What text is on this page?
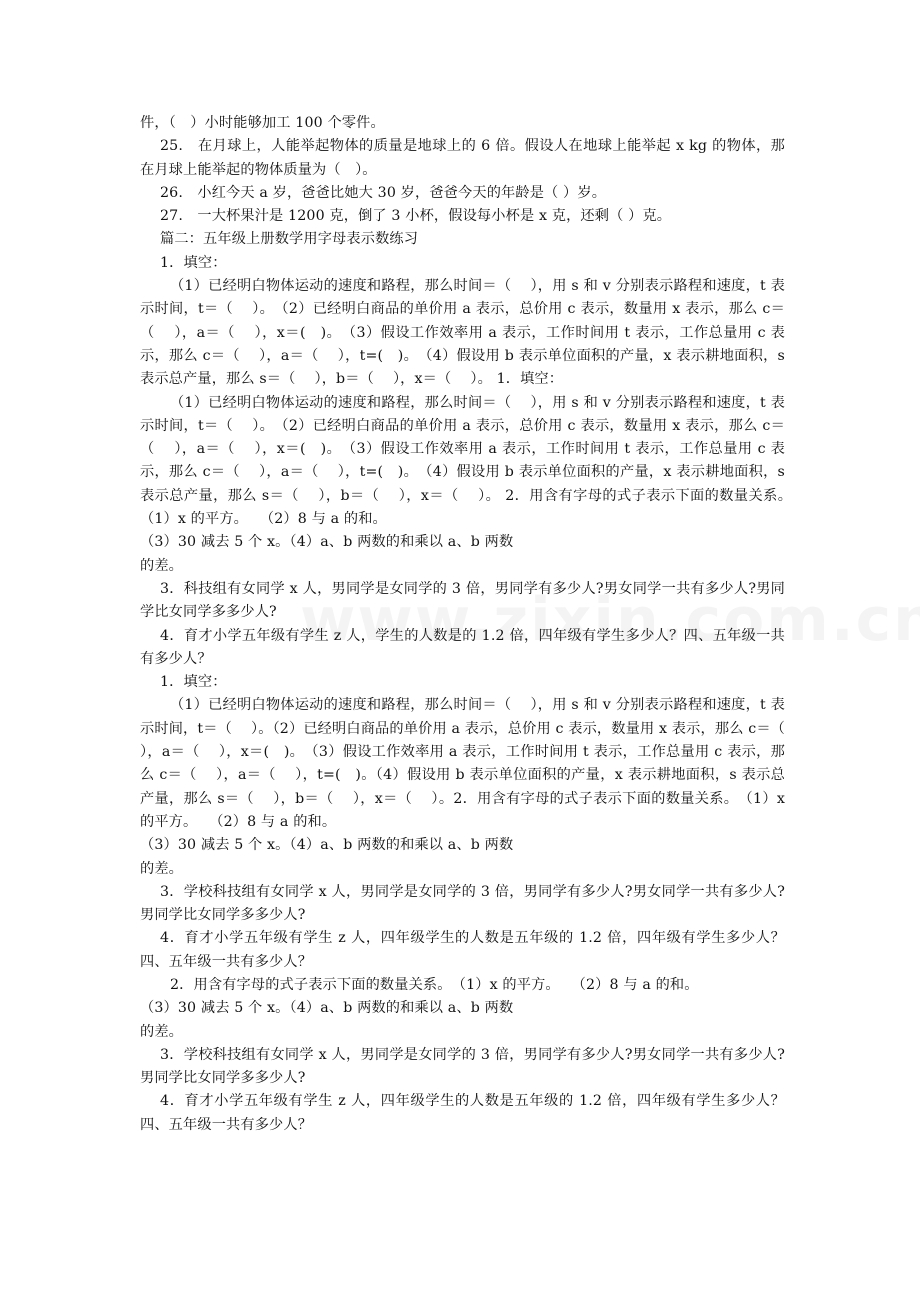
件，（　）小时能够加工 100 个零件。

25.　在月球上，人能举起物体的质量是地球上的 6 倍。假设人在地球上能举起 x kg 的物体，那在月球上能举起的物体质量为（　）。

26.　小红今天 a 岁，爸爸比她大 30 岁，爸爸今天的年龄是（ ）岁。

27.　一大杯果汁是 1200 克，倒了 3 小杯，假设每小杯是 x 克，还剩（ ）克。

篇二：五年级上册数学用字母表示数练习

1．填空：

（1）已经明白物体运动的速度和路程，那么时间＝（　 ），用 s 和 v 分别表示路程和速度，t 表示时间，t＝（　 ）。　（2）已经明白商品的单价用 a 表示，总价用 c 表示，数量用 x 表示，那么 c＝（　 ），a＝（　 ），x＝(　)。　（3）假设工作效率用 a 表示，工作时间用 t 表示，工作总量用 c 表示，那么 c＝（　 ），a＝（　 ），t=(　)。　（4）假设用 b 表示单位面积的产量，x 表示耕地面积，s 表示总产量，那么 s＝（　 ），b＝（　 ），x＝（　 ）。 1．填空：

（1）已经明白物体运动的速度和路程，那么时间＝（　 ），用 s 和 v 分别表示路程和速度，t 表示时间，t＝（　 ）。　（2）已经明白商品的单价用 a 表示，总价用 c 表示，数量用 x 表示，那么 c＝（　 ），a＝（　 ），x＝(　)。　（3）假设工作效率用 a 表示，工作时间用 t 表示，工作总量用 c 表示，那么 c＝（　 ），a＝（　 ），t=(　)。　（4）假设用 b 表示单位面积的产量，x 表示耕地面积，s 表示总产量，那么 s＝（　 ），b＝（　 ），x＝（　 ）。 2．用含有字母的式子表示下面的数量关系。　（1）x 的平方。　 （2）8 与 a 的和。

（3）30 减去 5 个 x。（4）a、b 两数的和乘以 a、b 两数

的差。

3．科技组有女同学 x 人，男同学是女同学的 3 倍，男同学有多少人?男女同学一共有多少人?男同学比女同学多多少人?

4．育才小学五年级有学生 z 人，学生的人数是的 1.2 倍，四年级有学生多少人？四、五年级一共有多少人？

1．填空：

（1）已经明白物体运动的速度和路程，那么时间＝（　 ），用 s 和 v 分别表示路程和速度，t 表示时间，t＝（　 ）。（2）已经明白商品的单价用 a 表示，总价用 c 表示，数量用 x 表示，那么 c＝（　 ），a＝（　 ），x＝(　)。　（3）假设工作效率用 a 表示，工作时间用 t 表示，工作总量用 c 表示，那么 c＝（　 ），a＝（　 ），t=(　)。（4）假设用 b 表示单位面积的产量，x 表示耕地面积，s 表示总产量，那么 s＝（　 ），b＝（　 ），x＝（　 ）。2．用含有字母的式子表示下面的数量关系。　（1）x 的平方。　 （2）8 与 a 的和。

（3）30 减去 5 个 x。（4）a、b 两数的和乘以 a、b 两数

的差。

3．学校科技组有女同学 x 人，男同学是女同学的 3 倍，男同学有多少人?男女同学一共有多少人?男同学比女同学多多少人?

4．育才小学五年级有学生 z 人，四年级学生的人数是五年级的 1.2 倍，四年级有学生多少人？四、五年级一共有多少人？

2．用含有字母的式子表示下面的数量关系。　（1）x 的平方。　 （2）8 与 a 的和。

（3）30 减去 5 个 x。（4）a、b 两数的和乘以 a、b 两数

的差。

3．学校科技组有女同学 x 人，男同学是女同学的 3 倍，男同学有多少人?男女同学一共有多少人?男同学比女同学多多少人?

4．育才小学五年级有学生 z 人，四年级学生的人数是五年级的 1.2 倍，四年级有学生多少人？四、五年级一共有多少人？
